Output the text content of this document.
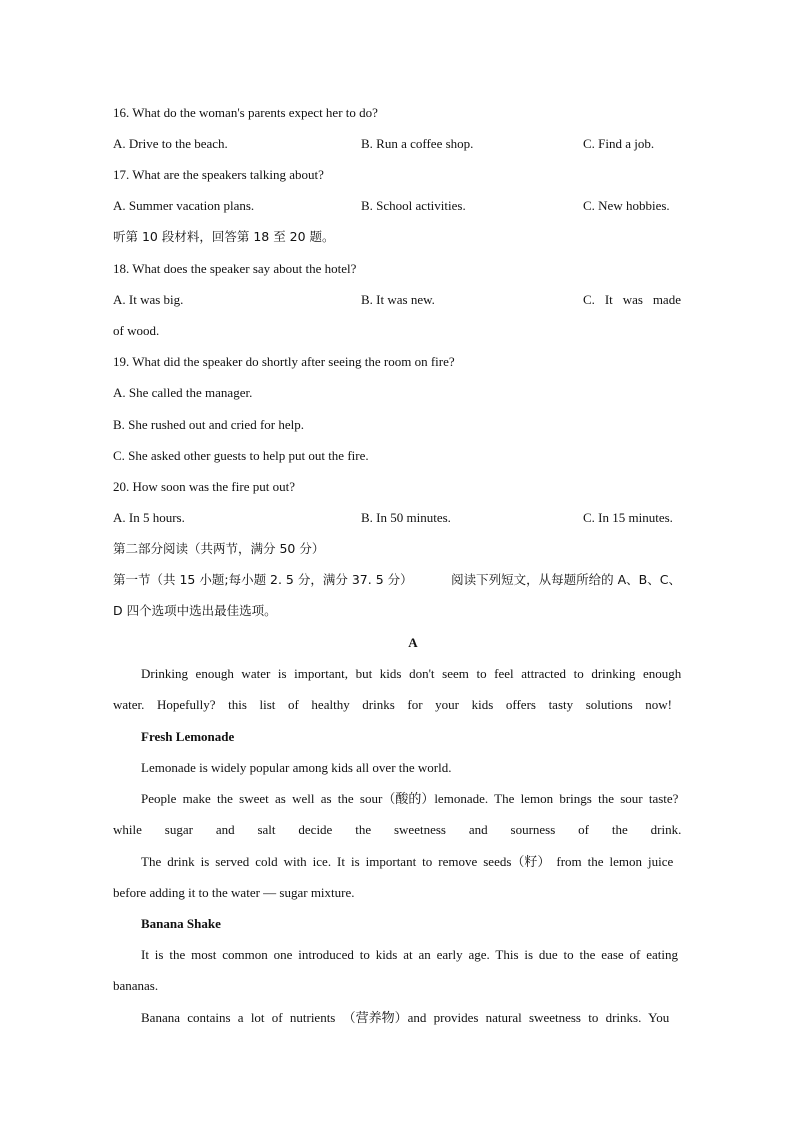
16. What do the woman's parents expect her to do?
A. Drive to the beach.	B. Run a coffee shop.	C. Find a job.
17. What are the speakers talking about?
A. Summer vacation plans.	B. School activities.	C. New hobbies.
听第 10 段材料，回答第 18 至 20 题。
18. What does the speaker say about the hotel?
A. It was big.	B. It was new.	C. It was made
of wood.
19. What did the speaker do shortly after seeing the room on fire?
A. She called the manager.
B. She rushed out and cried for help.
C. She asked other guests to help put out the fire.
20. How soon was the fire put out?
A. In 5 hours.	B. In 50 minutes.	C. In 15 minutes.
第二部分阅读（共两节，满分 50 分）
第一节（共 15 小题;每小题 2. 5 分，满分 37. 5 分）	阅读下列短文，从每题所给的 A、B、C、
D 四个选项中选出最佳选项。
A
Drinking enough water is important, but kids don't seem to feel attracted to drinking enough
water. Hopefully? this list of healthy drinks for your kids offers tasty solutions now!
Fresh Lemonade
Lemonade is widely popular among kids all over the world.
People make the sweet as well as the sour（酸的）lemonade. The lemon brings the sour taste?
while sugar and salt decide the sweetness and sourness of the drink.
The drink is served cold with ice. It is important to remove seeds（籽） from the lemon juice
before adding it to the water — sugar mixture.
Banana Shake
It is the most common one introduced to kids at an early age. This is due to the ease of eating
bananas.
Banana contains a lot of nutrients （营养物）and provides natural sweetness to drinks. You
